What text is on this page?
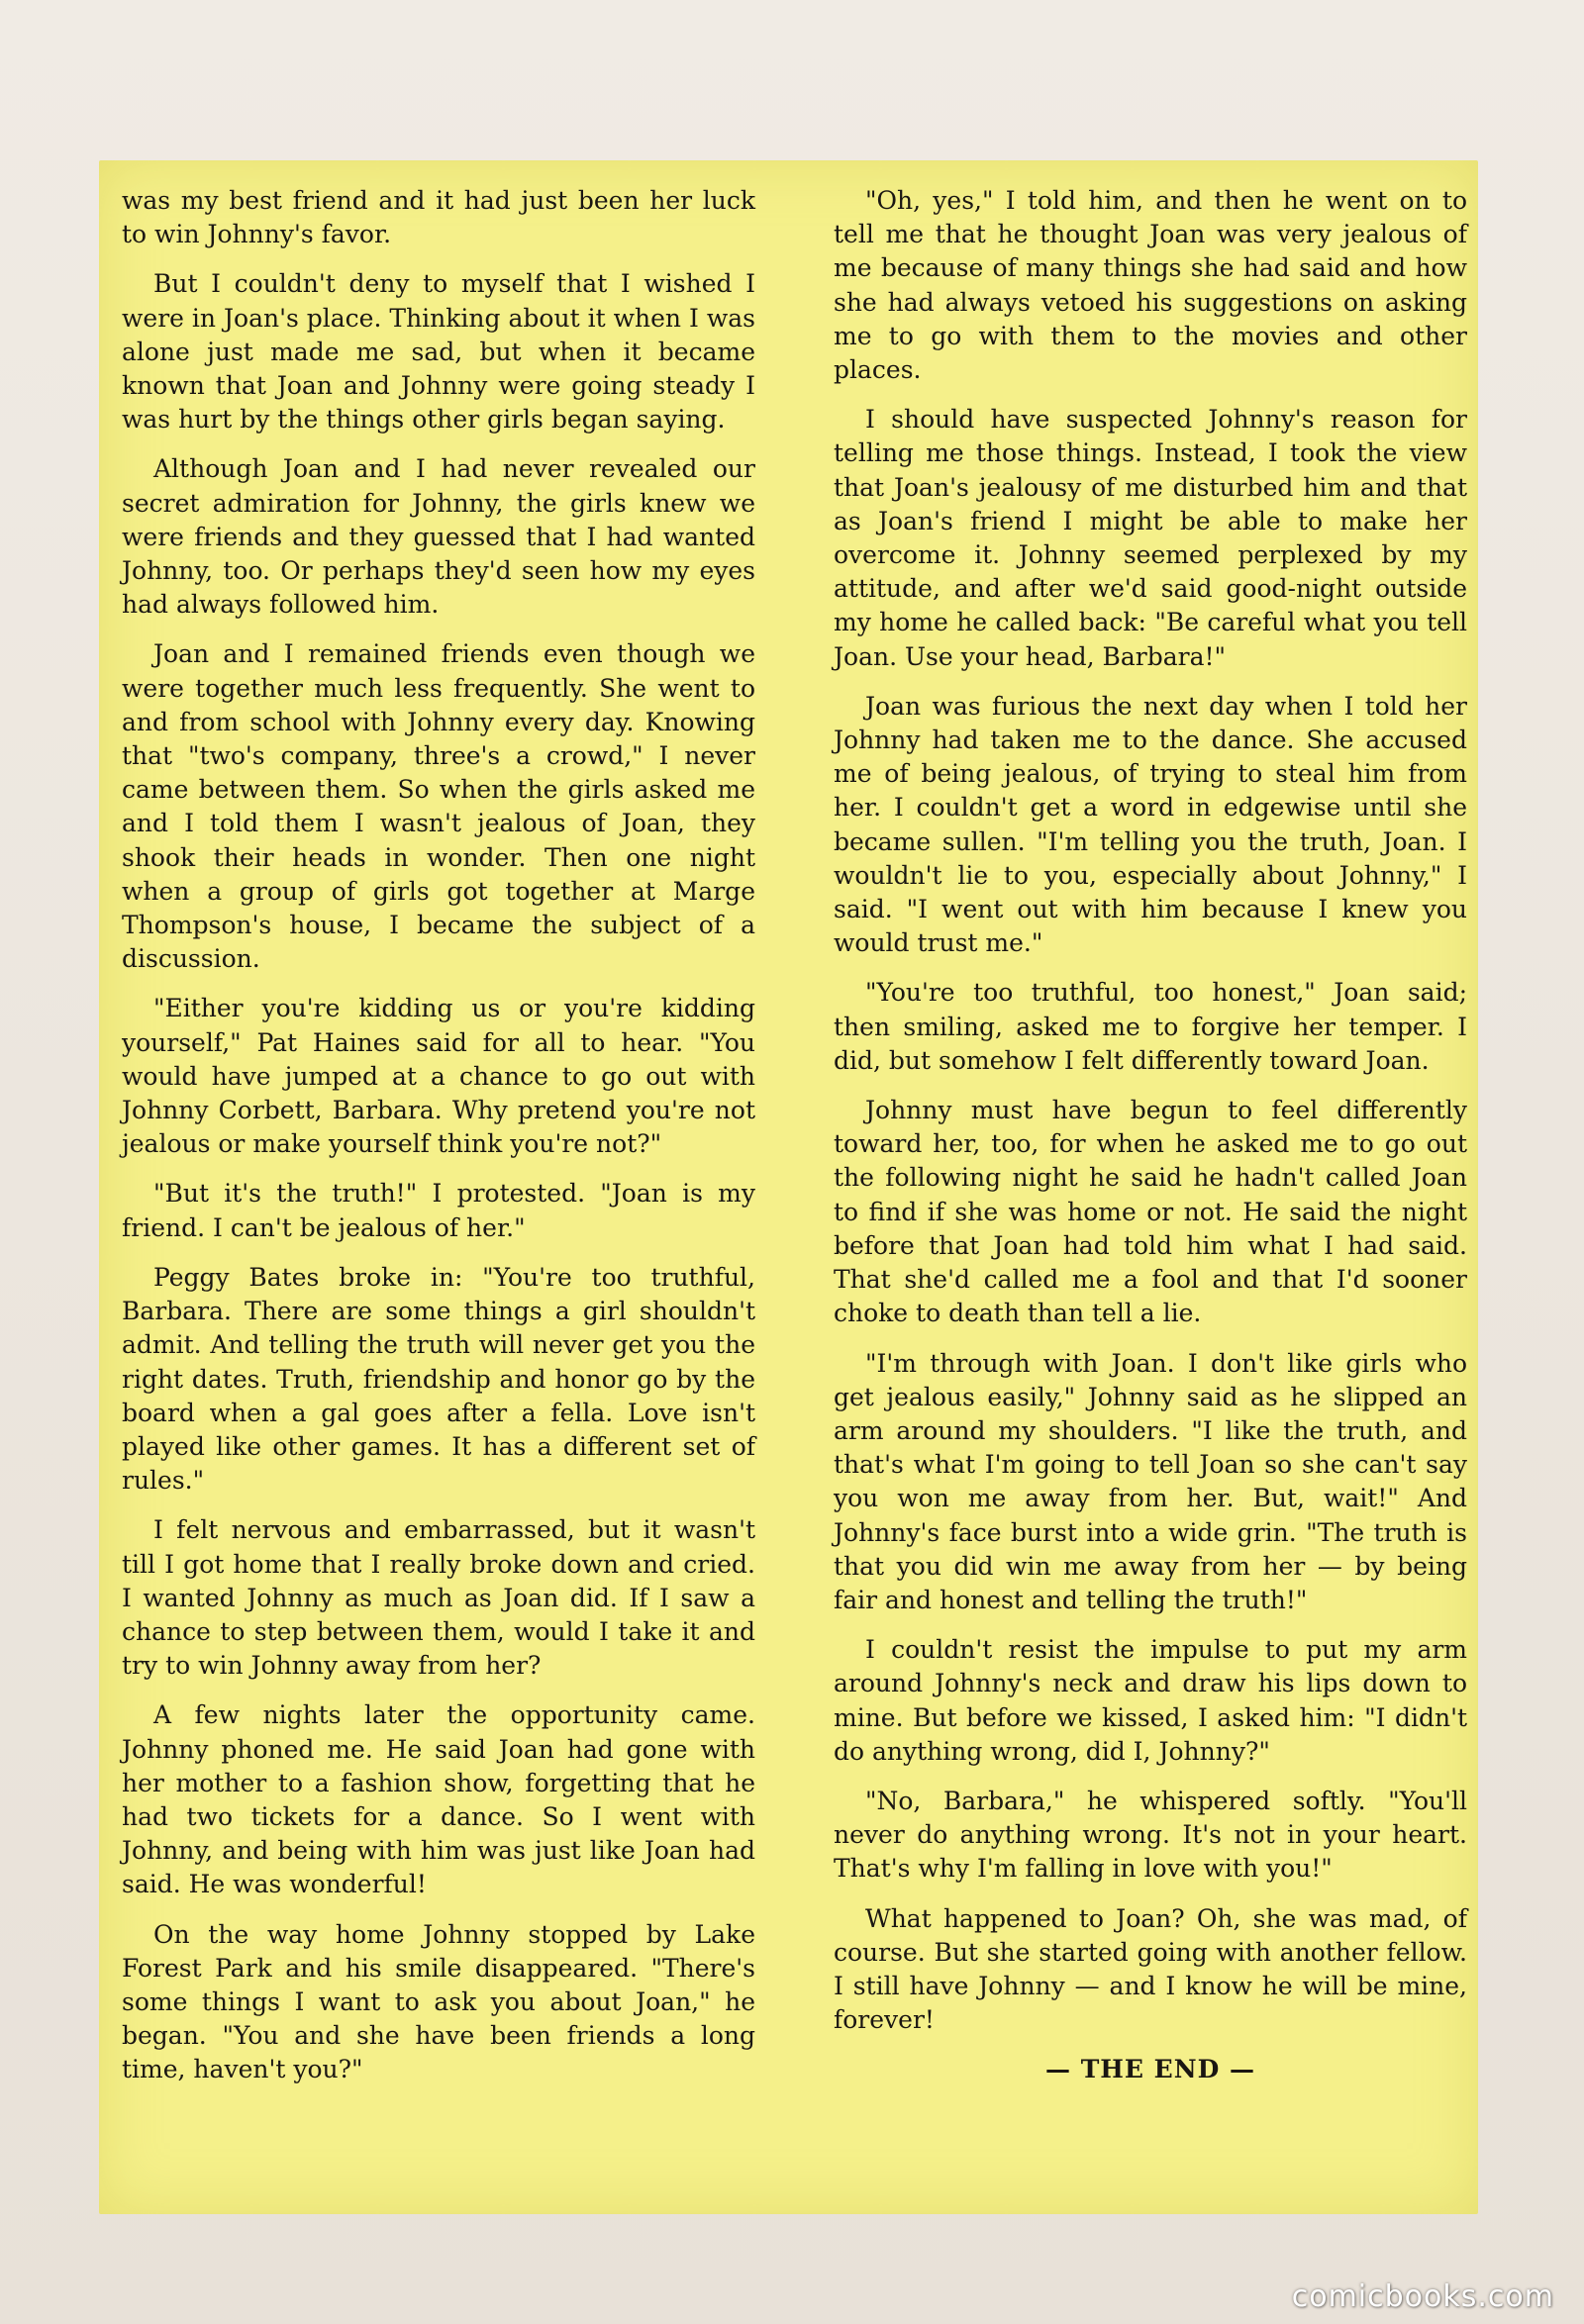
was my best friend and it had just been her luck to win Johnny's favor.

But I couldn't deny to myself that I wished I were in Joan's place. Thinking about it when I was alone just made me sad, but when it became known that Joan and Johnny were going steady I was hurt by the things other girls began saying.

Although Joan and I had never revealed our secret admiration for Johnny, the girls knew we were friends and they guessed that I had wanted Johnny, too. Or perhaps they'd seen how my eyes had always followed him.

Joan and I remained friends even though we were together much less frequently. She went to and from school with Johnny every day. Knowing that "two's company, three's a crowd," I never came between them. So when the girls asked me and I told them I wasn't jealous of Joan, they shook their heads in wonder. Then one night when a group of girls got together at Marge Thompson's house, I became the subject of a discussion.

"Either you're kidding us or you're kidding yourself," Pat Haines said for all to hear. "You would have jumped at a chance to go out with Johnny Corbett, Barbara. Why pretend you're not jealous or make yourself think you're not?"

"But it's the truth!" I protested. "Joan is my friend. I can't be jealous of her."

Peggy Bates broke in: "You're too truthful, Barbara. There are some things a girl shouldn't admit. And telling the truth will never get you the right dates. Truth, friendship and honor go by the board when a gal goes after a fella. Love isn't played like other games. It has a different set of rules."

I felt nervous and embarrassed, but it wasn't till I got home that I really broke down and cried. I wanted Johnny as much as Joan did. If I saw a chance to step between them, would I take it and try to win Johnny away from her?

A few nights later the opportunity came. Johnny phoned me. He said Joan had gone with her mother to a fashion show, forgetting that he had two tickets for a dance. So I went with Johnny, and being with him was just like Joan had said. He was wonderful!

On the way home Johnny stopped by Lake Forest Park and his smile disappeared. "There's some things I want to ask you about Joan," he began. "You and she have been friends a long time, haven't you?"

"Oh, yes," I told him, and then he went on to tell me that he thought Joan was very jealous of me because of many things she had said and how she had always vetoed his suggestions on asking me to go with them to the movies and other places.

I should have suspected Johnny's reason for telling me those things. Instead, I took the view that Joan's jealousy of me disturbed him and that as Joan's friend I might be able to make her overcome it. Johnny seemed perplexed by my attitude, and after we'd said good-night outside my home he called back: "Be careful what you tell Joan. Use your head, Barbara!"

Joan was furious the next day when I told her Johnny had taken me to the dance. She accused me of being jealous, of trying to steal him from her. I couldn't get a word in edgewise until she became sullen. "I'm telling you the truth, Joan. I wouldn't lie to you, especially about Johnny," I said. "I went out with him because I knew you would trust me."

"You're too truthful, too honest," Joan said; then smiling, asked me to forgive her temper. I did, but somehow I felt differently toward Joan.

Johnny must have begun to feel differently toward her, too, for when he asked me to go out the following night he said he hadn't called Joan to find if she was home or not. He said the night before that Joan had told him what I had said. That she'd called me a fool and that I'd sooner choke to death than tell a lie.

"I'm through with Joan. I don't like girls who get jealous easily," Johnny said as he slipped an arm around my shoulders. "I like the truth, and that's what I'm going to tell Joan so she can't say you won me away from her. But, wait!" And Johnny's face burst into a wide grin. "The truth is that you did win me away from her — by being fair and honest and telling the truth!"

I couldn't resist the impulse to put my arm around Johnny's neck and draw his lips down to mine. But before we kissed, I asked him: "I didn't do anything wrong, did I, Johnny?"

"No, Barbara," he whispered softly. "You'll never do anything wrong. It's not in your heart. That's why I'm falling in love with you!"

What happened to Joan? Oh, she was mad, of course. But she started going with another fellow. I still have Johnny — and I know he will be mine, forever!

— THE END —

comicbooks.com
